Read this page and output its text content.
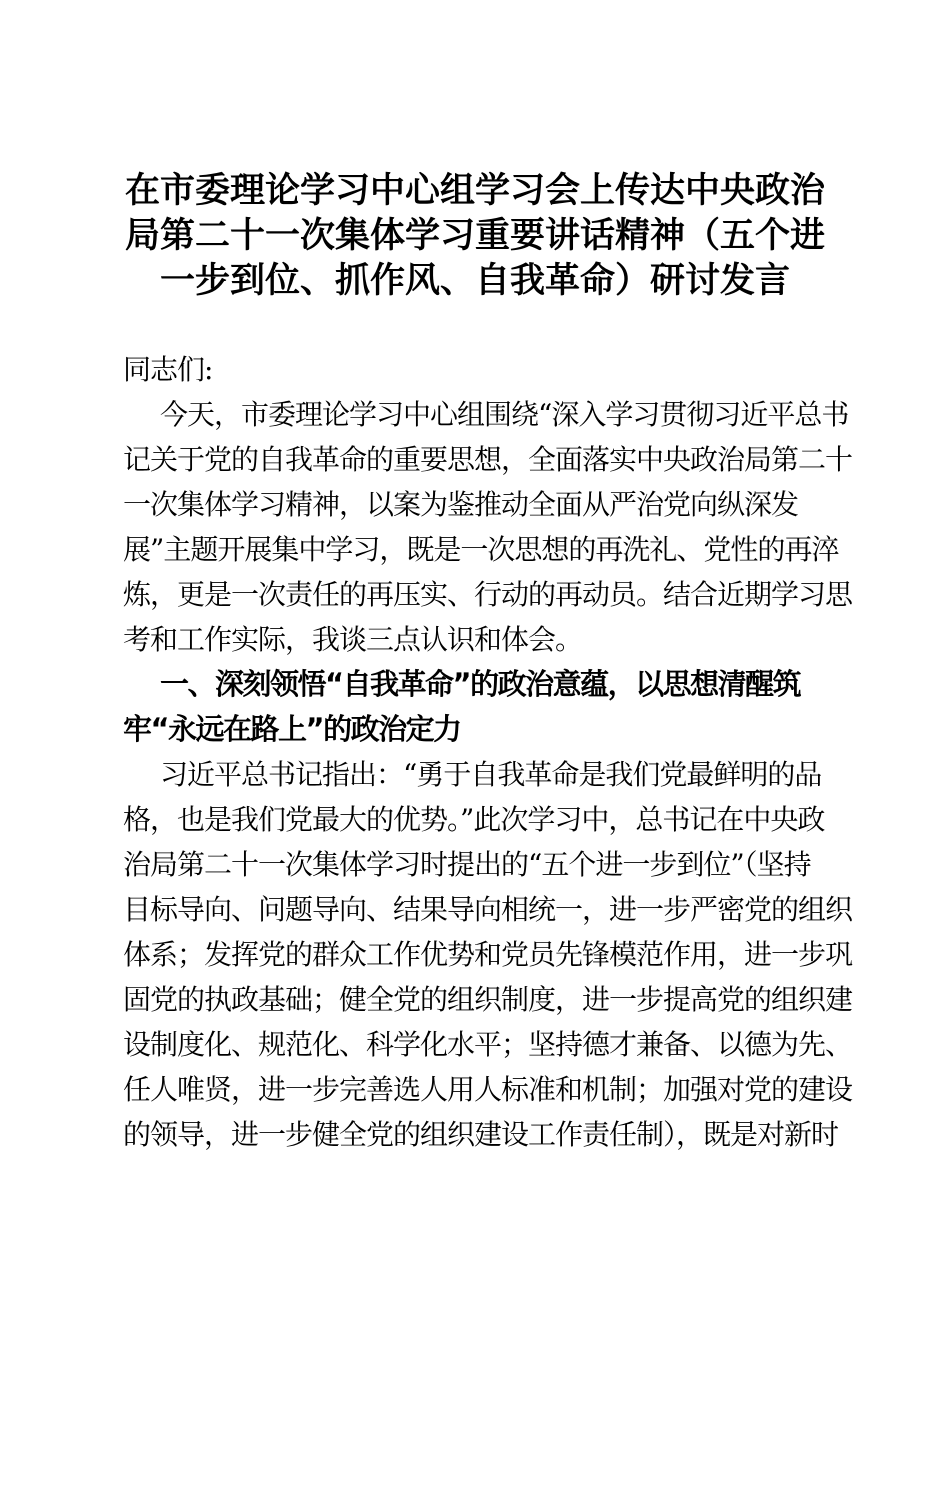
在市委理论学习中心组学习会上传达中央政治
局第二十一次集体学习重要讲话精神（五个进
一步到位、抓作风、自我革命）研讨发言
同志们:
今天，市委理论学习中心组围绕“深入学习贯彻习近平总书
记关于党的自我革命的重要思想，全面落实中央政治局第二十
一次集体学习精神，以案为鉴推动全面从严治党向纵深发
展”主题开展集中学习，既是一次思想的再洗礼、党性的再淬
炼，更是一次责任的再压实、行动的再动员。结合近期学习思
考和工作实际，我谈三点认识和体会。
一、深刻领悟“自我革命”的政治意蕴，以思想清醒筑
牢“永远在路上”的政治定力
习近平总书记指出：“勇于自我革命是我们党最鲜明的品
格，也是我们党最大的优势。”此次学习中，总书记在中央政
治局第二十一次集体学习时提出的“五个进一步到位”（坚持
目标导向、问题导向、结果导向相统一，进一步严密党的组织
体系；发挥党的群众工作优势和党员先锋模范作用，进一步巩
固党的执政基础；健全党的组织制度，进一步提高党的组织建
设制度化、规范化、科学化水平；坚持德才兼备、以德为先、
任人唯贤，进一步完善选人用人标准和机制；加强对党的建设
的领导，进一步健全党的组织建设工作责任制），既是对新时
